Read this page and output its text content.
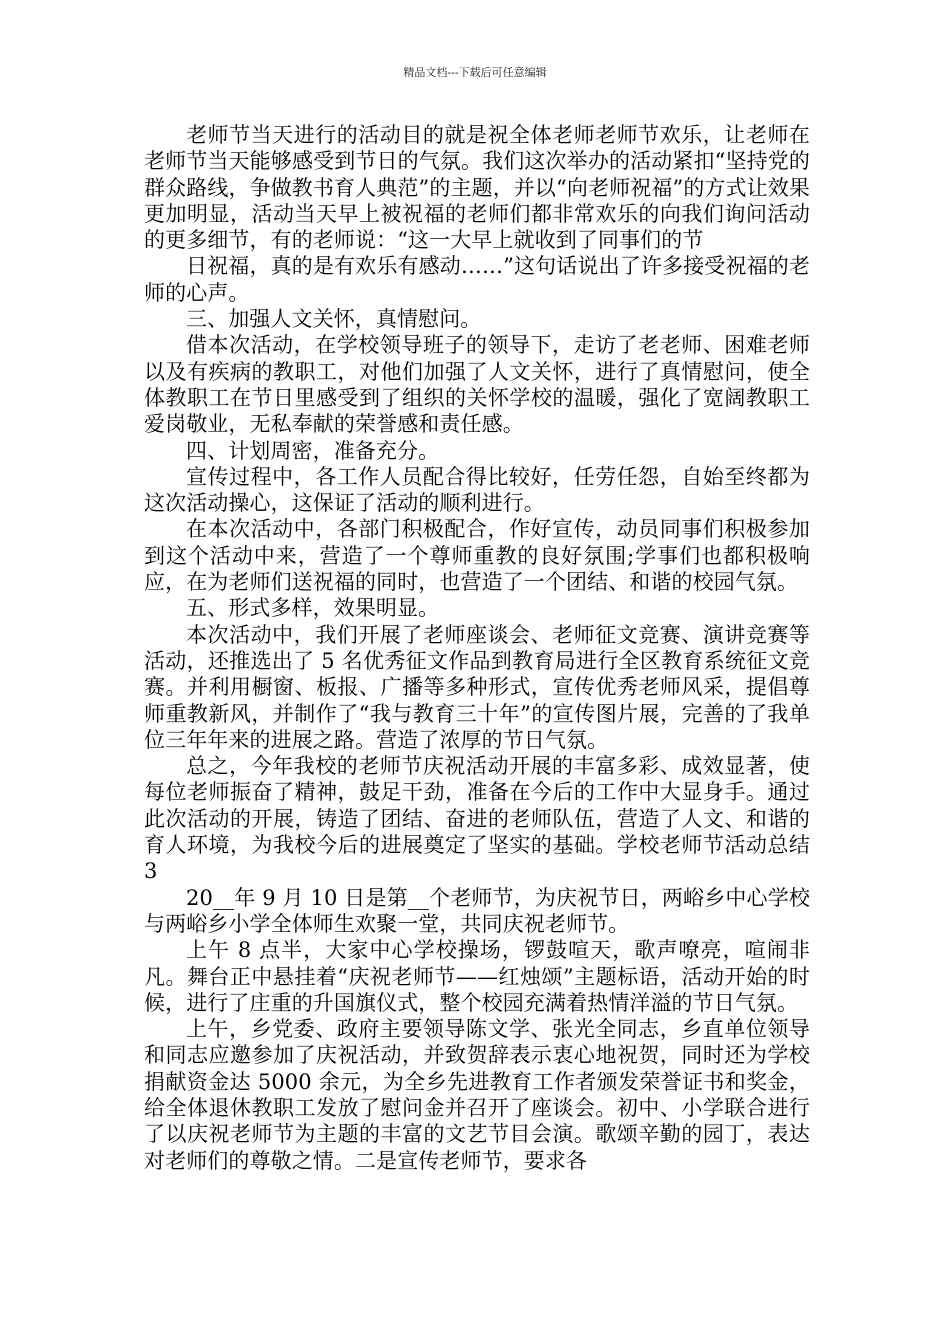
精品文档---下载后可任意编辑

老师节当天进行的活动目的就是祝全体老师老师节欢乐，让老师在老师节当天能够感受到节日的气氛。我们这次举办的活动紧扣“坚持党的群众路线，争做教书育人典范”的主题，并以“向老师祝福”的方式让效果更加明显，活动当天早上被祝福的老师们都非常欢乐的向我们询问活动的更多细节，有的老师说：“这一大早上就收到了同事们的节

日祝福，真的是有欢乐有感动……”这句话说出了许多接受祝福的老师的心声。

三、加强人文关怀，真情慰问。

借本次活动，在学校领导班子的领导下，走访了老老师、困难老师以及有疾病的教职工，对他们加强了人文关怀，进行了真情慰问，使全体教职工在节日里感受到了组织的关怀学校的温暖，强化了宽阔教职工爱岗敬业，无私奉献的荣誉感和责任感。

四、计划周密，准备充分。

宣传过程中，各工作人员配合得比较好，任劳任怨，自始至终都为这次活动操心，这保证了活动的顺利进行。

在本次活动中，各部门积极配合，作好宣传，动员同事们积极参加到这个活动中来，营造了一个尊师重教的良好氛围;学事们也都积极响应，在为老师们送祝福的同时，也营造了一个团结、和谐的校园气氛。

五、形式多样，效果明显。

本次活动中，我们开展了老师座谈会、老师征文竞赛、演讲竞赛等活动，还推选出了 5 名优秀征文作品到教育局进行全区教育系统征文竞赛。并利用橱窗、板报、广播等多种形式，宣传优秀老师风采，提倡尊师重教新风，并制作了“我与教育三十年”的宣传图片展，完善的了我单位三年年来的进展之路。营造了浓厚的节日气氛。

总之，今年我校的老师节庆祝活动开展的丰富多彩、成效显著，使每位老师振奋了精神，鼓足干劲，准备在今后的工作中大显身手。通过此次活动的开展，铸造了团结、奋进的老师队伍，营造了人文、和谐的育人环境，为我校今后的进展奠定了坚实的基础。学校老师节活动总结 3

20__年 9 月 10 日是第__个老师节，为庆祝节日，两峪乡中心学校与两峪乡小学全体师生欢聚一堂，共同庆祝老师节。

上午 8 点半，大家中心学校操场，锣鼓喧天，歌声嘹亮，喧闹非凡。舞台正中悬挂着“庆祝老师节——红烛颂”主题标语，活动开始的时候，进行了庄重的升国旗仪式，整个校园充满着热情洋溢的节日气氛。

上午，乡党委、政府主要领导陈文学、张光全同志，乡直单位领导和同志应邀参加了庆祝活动，并致贺辞表示衷心地祝贺，同时还为学校捐献资金达 5000 余元，为全乡先进教育工作者颁发荣誉证书和奖金，给全体退休教职工发放了慰问金并召开了座谈会。初中、小学联合进行了以庆祝老师节为主题的丰富的文艺节目会演。歌颂辛勤的园丁，表达对老师们的尊敬之情。二是宣传老师节，要求各
